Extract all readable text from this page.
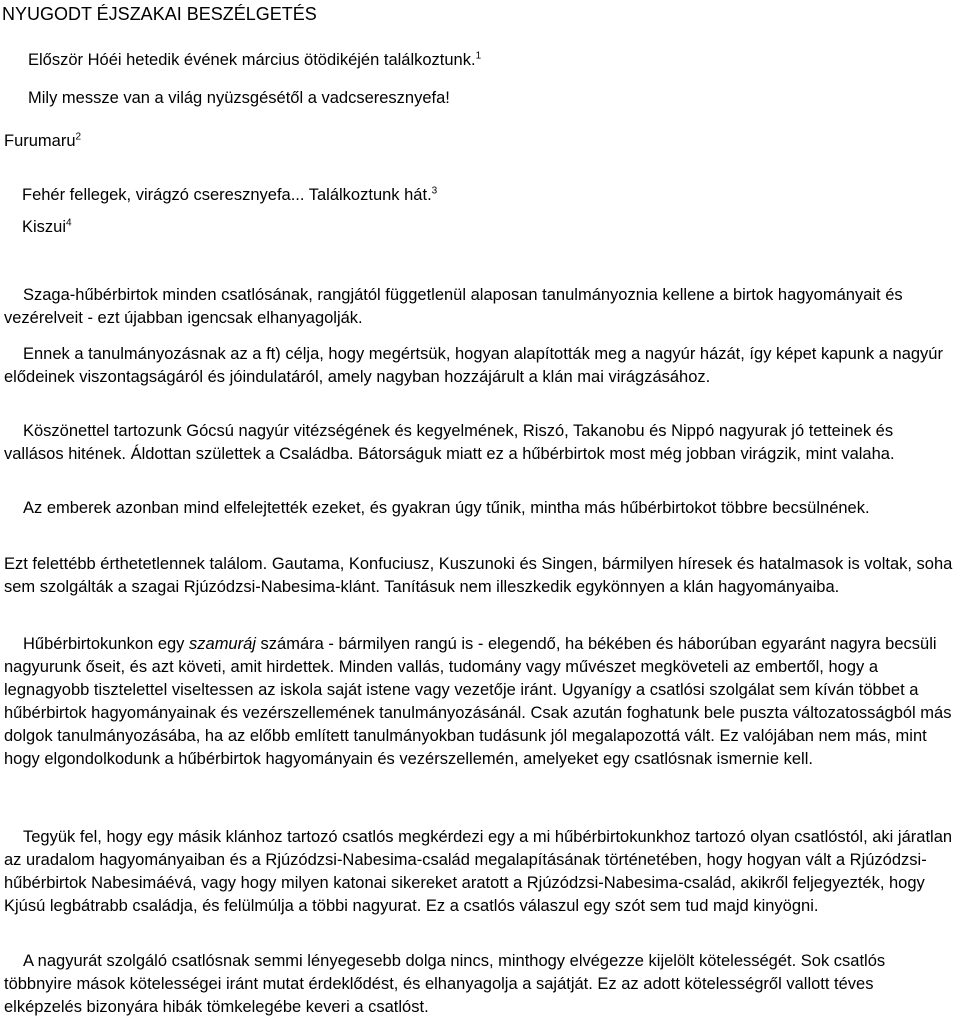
NYUGODT ÉJSZAKAI BESZÉLGETÉS
Először Hóéi hetedik évének március ötödikéjén találkoztunk.$^1$
Mily messze van a világ nyüzsgésétől a vadcseresznyefa!
Furumaru$^2$
Fehér fellegek, virágzó cseresznyefa... Találkoztunk hát.$^3$
Kiszui$^4$

Szaga-hűbérbirtok minden csatlósának, rangjától függetlenül alaposan tanulmányoznia kellene a birtok hagyományait és vezérelveit - ezt újabban igencsak elhanyagolják.

Ennek a tanulmányozásnak az a ft) célja, hogy megértsük, hogyan alapították meg a nagyúr házát, így képet kapunk a nagyúr elődeinek viszontagságáról és jóindulatáról, amely nagyban hozzájárult a klán mai virágzásához.

Köszönettel tartozunk Gócsú nagyúr vitézségének és kegyelmének, Riszó, Takanobu és Nippó nagyurak jó tetteinek és vallásos hitének. Áldottan születtek a Családba. Bátorságuk miatt ez a hűbérbirtok most még jobban virágzik, mint valaha.

Az emberek azonban mind elfelejtették ezeket, és gyakran úgy tűnik, mintha más hűbérbirtokot többre becsülnének.

Ezt felettébb érthetetlennek találom. Gautama, Konfuciusz, Kuszunoki és Singen, bármilyen híresek és hatalmasok is voltak, soha sem szolgálták a szagai Rjúzódzsi-Nabesima-klánt. Tanításuk nem illeszkedik egykönnyen a klán hagyományaiba.

Hűbérbirtokunkon egy szamuráj számára - bármilyen rangú is - elegendő, ha békében és háborúban egyaránt nagyra becsüli nagyurunk őseit, és azt követi, amit hirdettek. Minden vallás, tudomány vagy művészet megköveteli az embertől, hogy a legnagyobb tisztelettel viseltessen az iskola saját istene vagy vezetője iránt. Ugyanígy a csatlósi szolgálat sem kíván többet a hűbérbirtok hagyományainak és vezérszellemének tanulmányozásánál. Csak azután foghatunk bele puszta változatosságból más dolgok tanulmányozásába, ha az előbb említett tanulmányokban tudásunk jól megalapozottá vált. Ez valójában nem más, mint hogy elgondolkodunk a hűbérbirtok hagyományain és vezérszellemén, amelyeket egy csatlósnak ismernie kell.

Tegyük fel, hogy egy másik klánhoz tartozó csatlós megkérdezi egy a mi hűbérbirtokunkhoz tartozó olyan csatlóstól, aki járatlan az uradalom hagyományaiban és a Rjúzódzsi-Nabesima-család megalapításának történetében, hogy hogyan vált a Rjúzódzsi-hűbérbirtok Nabesimáévá, vagy hogy milyen katonai sikereket aratott a Rjúzódzsi-Nabesima-család, akikről feljegyezték, hogy Kjúsú legbátrabb családja, és felülmúlja a többi nagyurat. Ez a csatlós válaszul egy szót sem tud majd kinyögni.

A nagyurát szolgáló csatlósnak semmi lényegesebb dolga nincs, minthogy elvégezze kijelölt kötelességét. Sok csatlós többnyire mások kötelességei iránt mutat érdeklődést, és elhanyagolja a sajátját. Ez az adott kötelességről vallott téves elképzelés bizonyára hibák tömkelegébe keveri a csatlóst.
